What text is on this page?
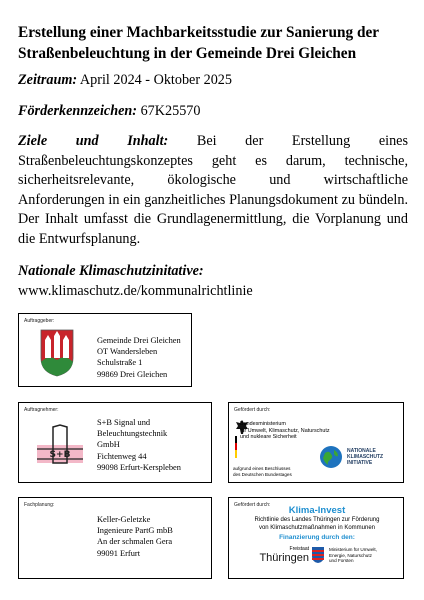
Erstellung einer Machbarkeitsstudie zur Sanierung der Straßenbeleuchtung in der Gemeinde Drei Gleichen
Zeitraum: April 2024 - Oktober 2025
Förderkennzeichen: 67K25570
Ziele und Inhalt: Bei der Erstellung eines Straßenbeleuchtungskonzeptes geht es darum, technische, sicherheitsrelevante, ökologische und wirtschaftliche Anforderungen in ein ganzheitliches Planungsdokument zu bündeln. Der Inhalt umfasst die Grundlagenermittlung, die Vorplanung und die Entwurfsplanung.
Nationale Klimaschutzinitative:
www.klimaschutz.de/kommunalrichtlinie
Auftraggeber:
Gemeinde Drei Gleichen
OT Wandersleben
Schulstraße 1
99869 Drei Gleichen
Auftragnehmer:
S+B
S+B Signal und
Beleuchtungstechnik
GmbH
Fichtenweg 44
99098 Erfurt-Kerspleben
Gefördert durch:
Bundesministerium
für Umwelt, Klimaschutz, Naturschutz
und nukleare Sicherheit
aufgrund eines Beschlusses
des Deutschen Bundestages
NATIONALE
KLIMASCHUTZ
INITIATIVE
Fachplanung:
Keller-Geletzke
Ingenieure PartG mbB
An der schmalen Gera
99091 Erfurt
Gefördert durch:	Klima-Invest
Richtlinie des Landes Thüringen zur Förderung
von Klimaschutzmaßnahmen in Kommunen
Finanzierung durch den:
Freistaat
Thüringen
Ministerium für Umwelt,
Energie, Naturschutz
und Forsten
